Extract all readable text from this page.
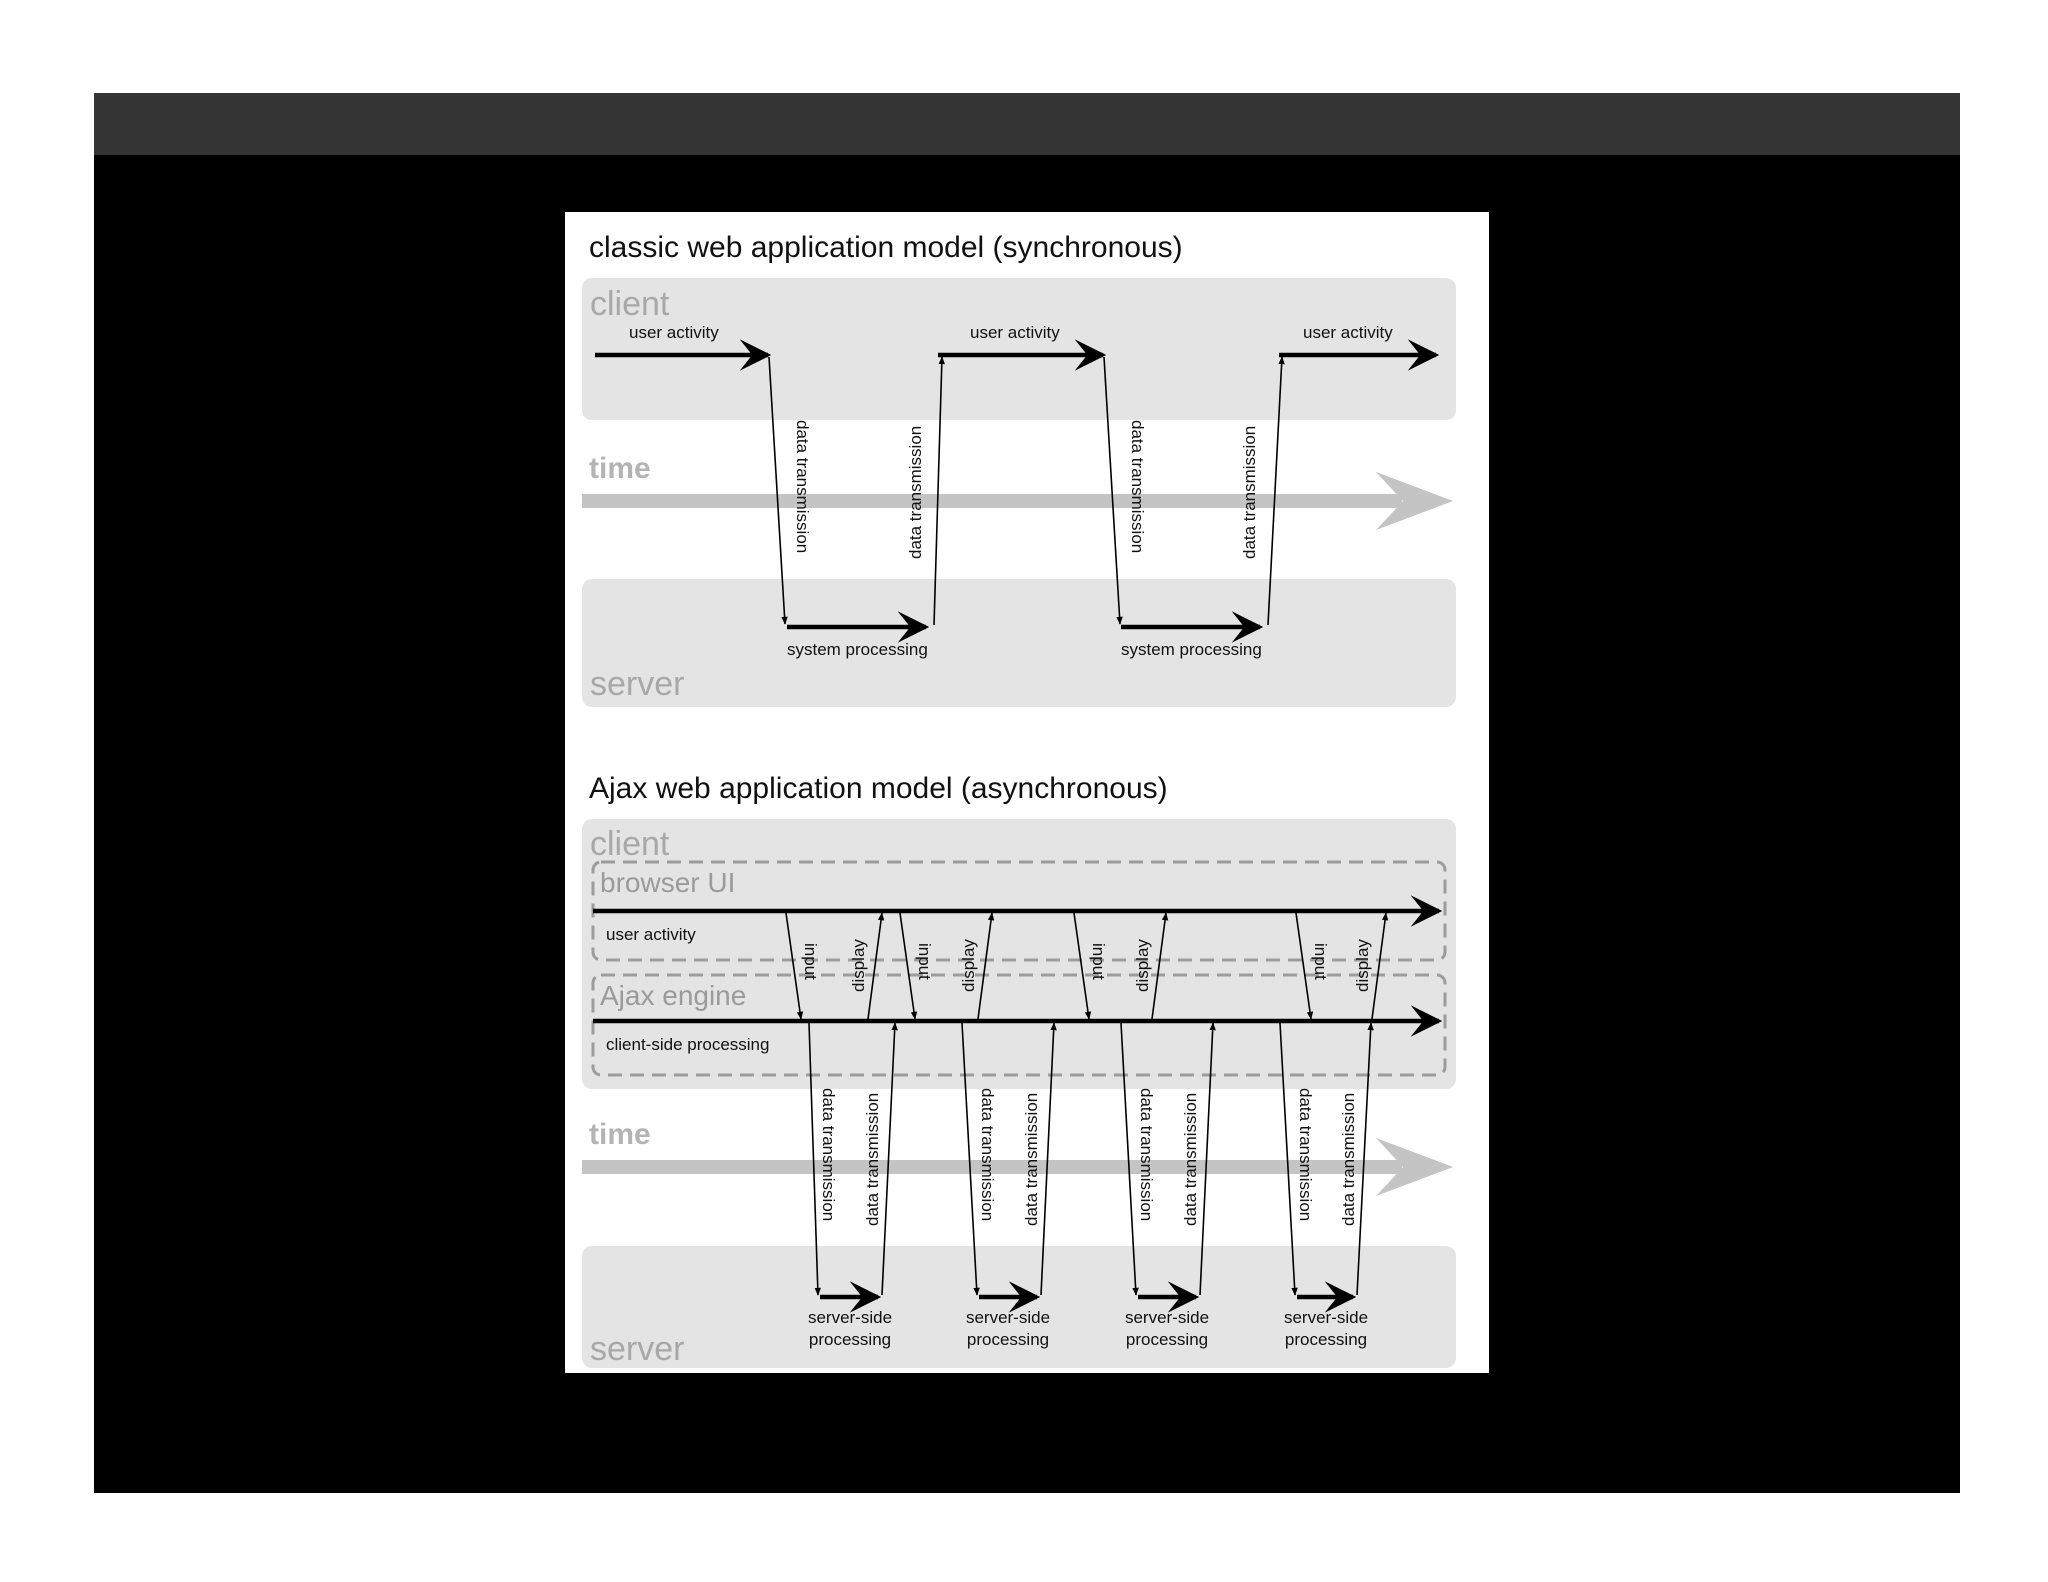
classic web application model (synchronous)
client
server
time
user activity	user activity	user activity
system processing	system processing
data transmission	data transmission	data transmission	data transmission
Ajax web application model (asynchronous)
client
browser UI
Ajax engine
user activity
client-side processing
server
time
input display	input display	input display	input display
data transmission data transmission	data transmission data transmission	data transmission data transmission	data transmission data transmission
server-side
processing
server-side
processing
server-side
processing
server-side
processing
